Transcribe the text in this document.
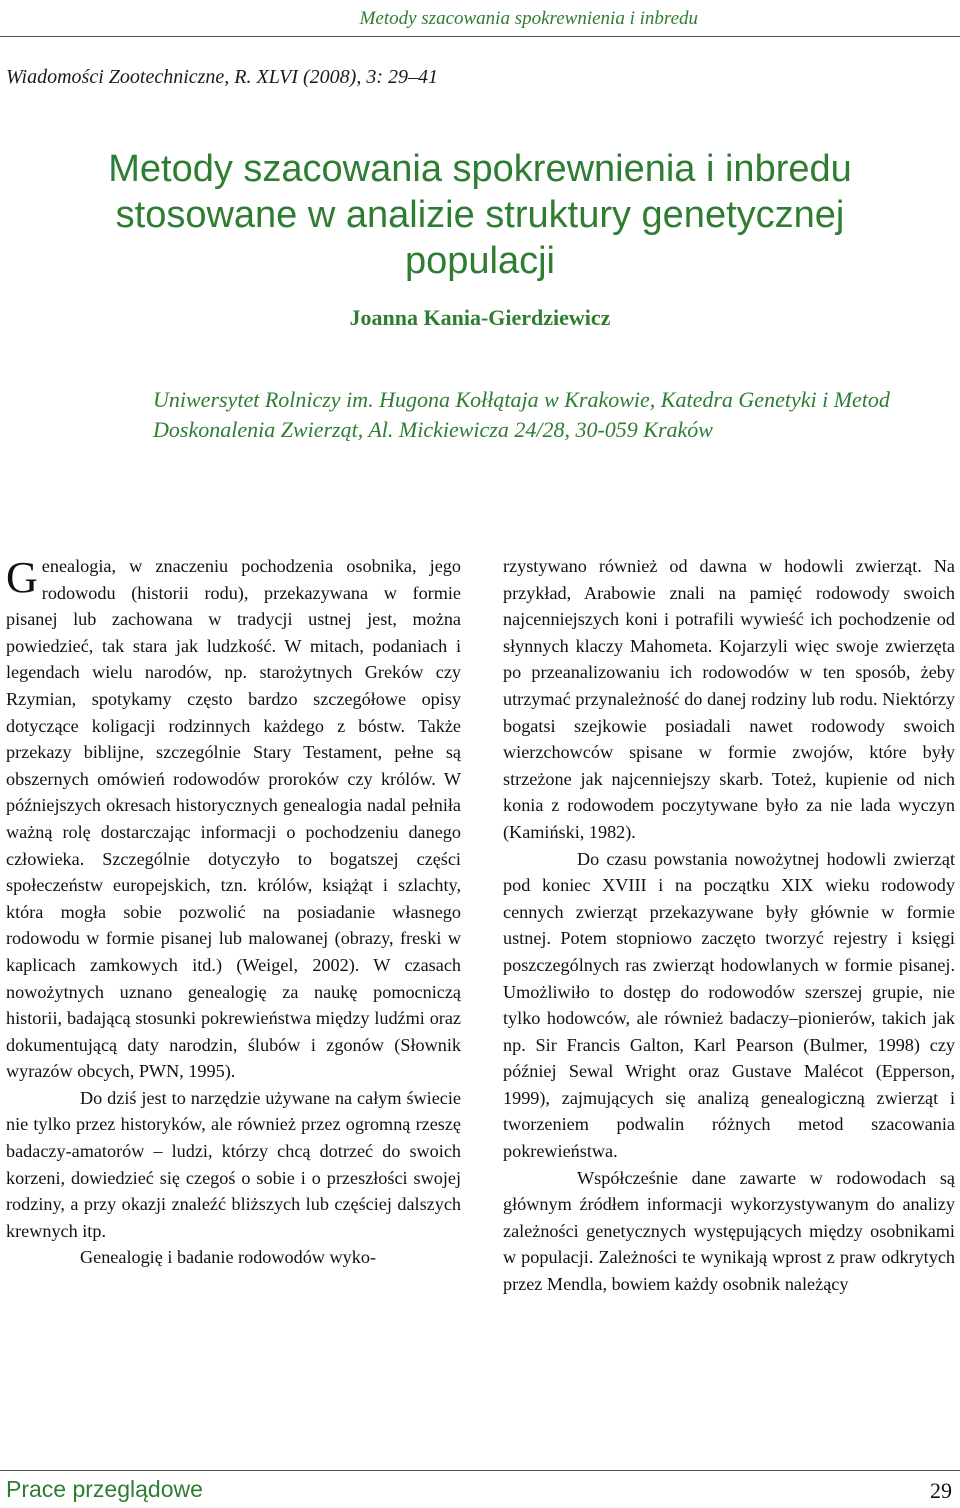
Metody szacowania spokrewnienia i inbredu
Wiadomości Zootechniczne, R. XLVI (2008), 3: 29–41
Metody szacowania spokrewnienia i inbredu
stosowane w analizie struktury genetycznej
populacji
Joanna Kania-Gierdziewicz
Uniwersytet Rolniczy im. Hugona Kołłątaja w Krakowie, Katedra Genetyki i Metod
Doskonalenia Zwierząt, Al. Mickiewicza 24/28, 30-059 Kraków

Genealogia, w znaczeniu pochodzenia osobnika, jego rodowodu (historii rodu), przekazywana w formie pisanej lub zachowana w tradycji ustnej jest, można powiedzieć, tak stara jak ludzkość. W mitach, podaniach i legendach wielu narodów, np. starożytnych Greków czy Rzymian, spotykamy często bardzo szczegółowe opisy dotyczące koligacji rodzinnych każdego z bóstw. Także przekazy biblijne, szczególnie Stary Testament, pełne są obszernych omówień rodowodów proroków czy królów. W późniejszych okresach historycznych genealogia nadal pełniła ważną rolę dostarczając informacji o pochodzeniu danego człowieka. Szczególnie dotyczyło to bogatszej części społeczeństw europejskich, tzn. królów, książąt i szlachty, która mogła sobie pozwolić na posiadanie własnego rodowodu w formie pisanej lub malowanej (obrazy, freski w kaplicach zamkowych itd.) (Weigel, 2002). W czasach nowożytnych uznano genealogię za naukę pomocniczą historii, badającą stosunki pokrewieństwa między ludźmi oraz dokumentującą daty narodzin, ślubów i zgonów (Słownik wyrazów obcych, PWN, 1995).

Do dziś jest to narzędzie używane na całym świecie nie tylko przez historyków, ale również przez ogromną rzeszę badaczy-amatorów – ludzi, którzy chcą dotrzeć do swoich korzeni, dowiedzieć się czegoś o sobie i o przeszłości swojej rodziny, a przy okazji znaleźć bliższych lub częściej dalszych krewnych itp.

Genealogię i badanie rodowodów wyko-

rzystywano również od dawna w hodowli zwierząt. Na przykład, Arabowie znali na pamięć rodowody swoich najcenniejszych koni i potrafili wywieść ich pochodzenie od słynnych klaczy Mahometa. Kojarzyli więc swoje zwierzęta po przeanalizowaniu ich rodowodów w ten sposób, żeby utrzymać przynależność do danej rodziny lub rodu. Niektórzy bogatsi szejkowie posiadali nawet rodowody swoich wierzchowców spisane w formie zwojów, które były strzeżone jak najcenniejszy skarb. Toteż, kupienie od nich konia z rodowodem poczytywane było za nie lada wyczyn (Kamiński, 1982).

Do czasu powstania nowożytnej hodowli zwierząt pod koniec XVIII i na początku XIX wieku rodowody cennych zwierząt przekazywane były głównie w formie ustnej. Potem stopniowo zaczęto tworzyć rejestry i księgi poszczególnych ras zwierząt hodowlanych w formie pisanej. Umożliwiło to dostęp do rodowodów szerszej grupie, nie tylko hodowców, ale również badaczy–pionierów, takich jak np. Sir Francis Galton, Karl Pearson (Bulmer, 1998) czy później Sewal Wright oraz Gustave Malécot (Epperson, 1999), zajmujących się analizą genealogiczną zwierząt i tworzeniem podwalin różnych metod szacowania pokrewieństwa.

Współcześnie dane zawarte w rodowodach są głównym źródłem informacji wykorzystywanym do analizy zależności genetycznych występujących między osobnikami w populacji. Zależności te wynikają wprost z praw odkrytych przez Mendla, bowiem każdy osobnik należący

Prace przeglądowe	29
